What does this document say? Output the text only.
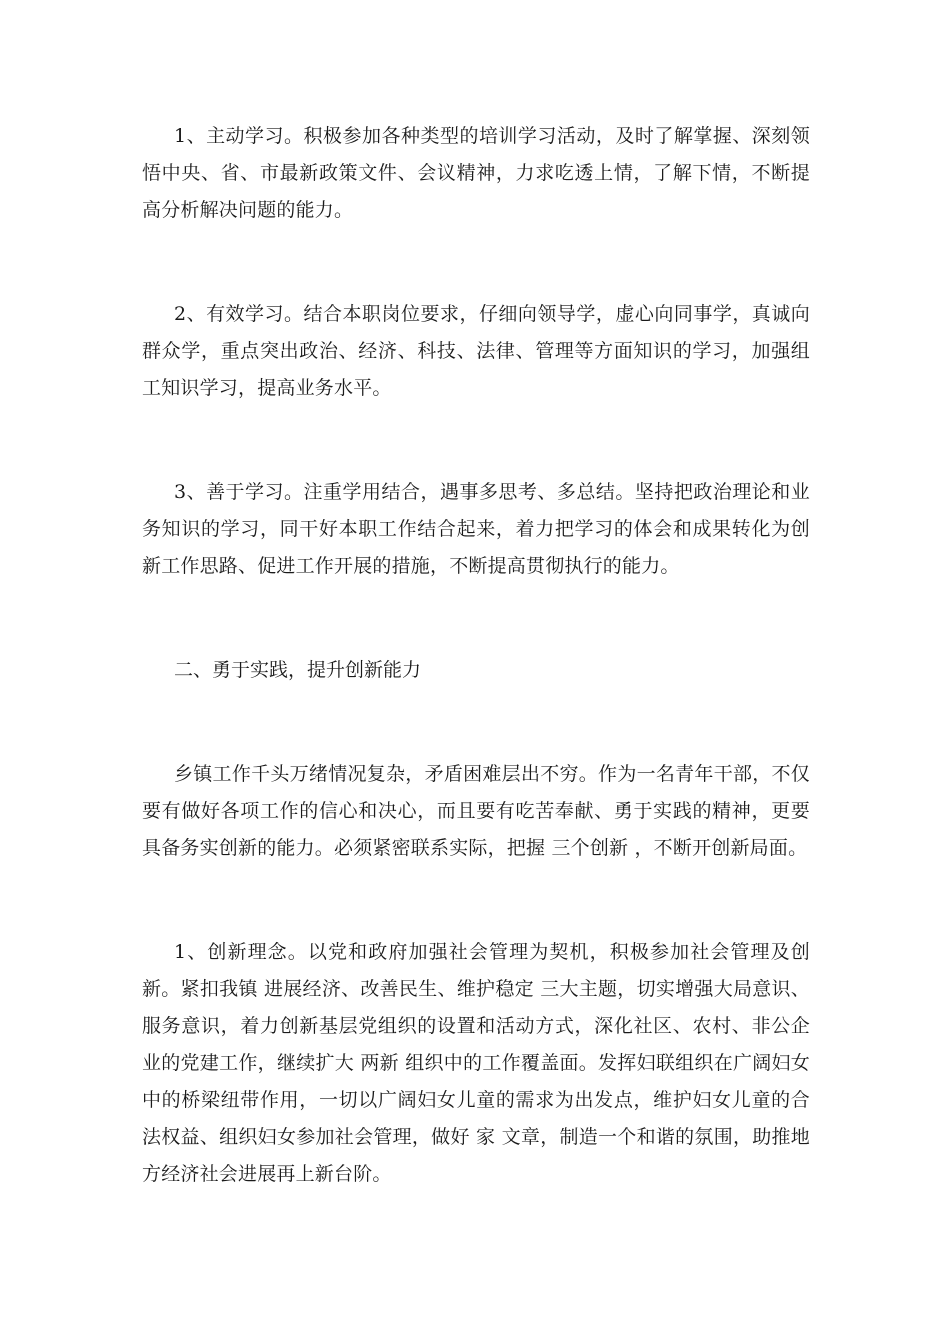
1、主动学习。积极参加各种类型的培训学习活动，及时了解掌握、深刻领悟中央、省、市最新政策文件、会议精神，力求吃透上情，了解下情，不断提高分析解决问题的能力。

2、有效学习。结合本职岗位要求，仔细向领导学，虚心向同事学，真诚向群众学，重点突出政治、经济、科技、法律、管理等方面知识的学习，加强组工知识学习，提高业务水平。

3、善于学习。注重学用结合，遇事多思考、多总结。坚持把政治理论和业务知识的学习，同干好本职工作结合起来，着力把学习的体会和成果转化为创新工作思路、促进工作开展的措施，不断提高贯彻执行的能力。

二、勇于实践，提升创新能力

乡镇工作千头万绪情况复杂，矛盾困难层出不穷。作为一名青年干部，不仅要有做好各项工作的信心和决心，而且要有吃苦奉献、勇于实践的精神，更要具备务实创新的能力。必须紧密联系实际，把握 三个创新 ，不断开创新局面。

1、创新理念。以党和政府加强社会管理为契机，积极参加社会管理及创新。紧扣我镇 进展经济、改善民生、维护稳定 三大主题，切实增强大局意识、服务意识，着力创新基层党组织的设置和活动方式，深化社区、农村、非公企业的党建工作，继续扩大 两新 组织中的工作覆盖面。发挥妇联组织在广阔妇女中的桥梁纽带作用，一切以广阔妇女儿童的需求为出发点，维护妇女儿童的合法权益、组织妇女参加社会管理，做好 家 文章，制造一个和谐的氛围，助推地方经济社会进展再上新台阶。
